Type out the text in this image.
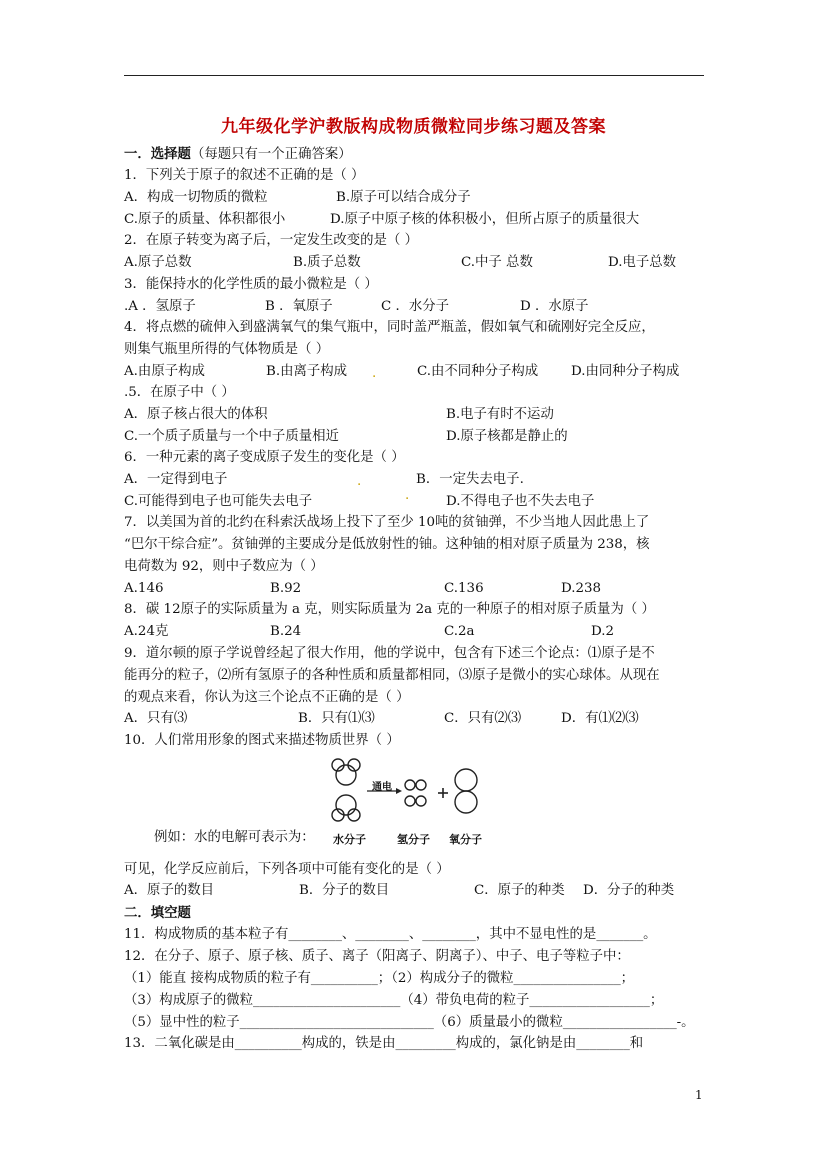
九年级化学沪教版构成物质微粒同步练习题及答案
一．选择题（每题只有一个正确答案）
1．下列关于原子的叙述不正确的是（ ）
A．构成一切物质的微粒	B.原子可以结合成分子
C.原子的质量、体积都很小	D.原子中原子核的体积极小，但所占原子的质量很大
2．在原子转变为离子后，一定发生改变的是（ ）
A.原子总数	B.质子总数	C.中子 总数	D.电子总数
3．能保持水的化学性质的最小微粒是（ ）
.A ．氢原子	B ．氧原子	C ．水分子	D ．水原子
4．将点燃的硫伸入到盛满氧气的集气瓶中，同时盖严瓶盖，假如氧气和硫刚好完全反应，
则集气瓶里所得的气体物质是（ ）
A.由原子构成	B.由离子构成 .	C.由不同种分子构成 D.由同种分子构成
.5．在原子中（ ）
A．原子核占很大的体积	B.电子有时不运动
C.一个质子质量与一个中子质量相近	D.原子核都是静止的
6．一种元素的离子变成原子发生的变化是（ ）
A．一定得到电子	.	B．一定失去电子.
C.可能得到电子也可能失去电子	.	D.不得电子也不失去电子
7．以美国为首的北约在科索沃战场上投下了至少 10吨的贫铀弹，不少当地人因此患上了
“巴尔干综合症”。贫铀弹的主要成分是低放射性的铀。这种铀的相对原子质量为 238，核
电荷数为 92，则中子数应为（ ）
A.146	B.92	C.136	D.238
8．碳 12原子的实际质量为 a 克，则实际质量为 2a 克的一种原子的相对原子质量为（ ）
A.24克	B.24	C.2a	D.2
9．道尔顿的原子学说曾经起了很大作用，他的学说中，包含有下述三个论点：⑴原子是不
能再分的粒子，⑵所有氢原子的各种性质和质量都相同，⑶原子是微小的实心球体。从现在
的观点来看，你认为这三个论点不正确的是（ ）
A．只有⑶	B．只有⑴⑶	C．只有⑵⑶	D．有⑴⑵⑶
10．人们常用形象的图式来描述物质世界（ ）
通电
例如：水的电解可表示为： 水分子	氢分子 氧分子
可见，化学反应前后，下列各项中可能有变化的是（ ）
A．原子的数目	B．分子的数目	C．原子的种类 D．分子的种类
二．填空题
11．构成物质的基本粒子有________、________、________，其中不显电性的是_______。
12．在分子、原子、原子核、质子、离子（阳离子、阴离子）、中子、电子等粒子中：
（1）能直 接构成物质的粒子有__________；（2）构成分子的微粒________________；
（3）构成原子的微粒______________________（4）带负电荷的粒子__________________；
（5）显中性的粒子_____________________________（6）质量最小的微粒_________________-。
13．二氧化碳是由__________构成的，铁是由_________构成的，氯化钠是由________和
1
